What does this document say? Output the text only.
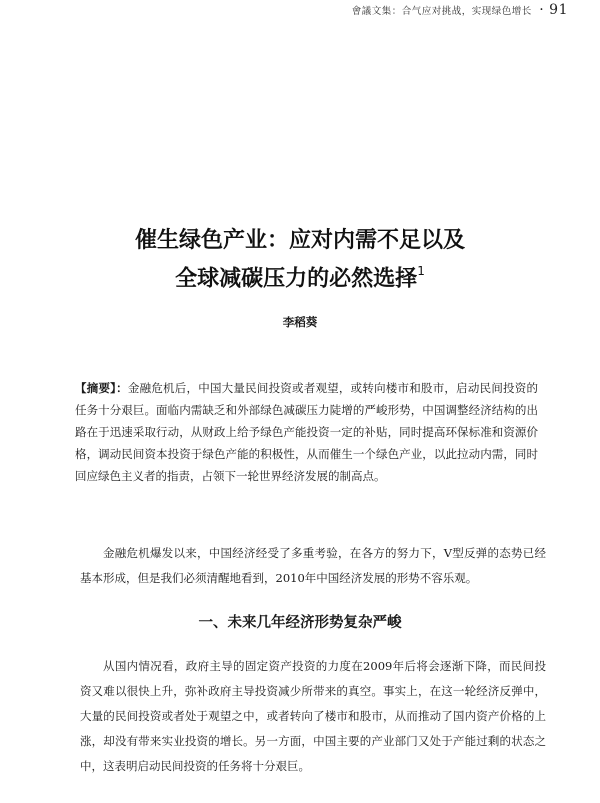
會議文集：合气应对挑战，实现绿色增长 · 91
催生绿色产业：应对内需不足以及
全球减碳压力的必然选择$^1$
李稻葵
【摘要】：金融危机后，中国大量民间投资或者观望，或转向楼市和股市，启动民间投资的任务十分艰巨。面临内需缺乏和外部绿色减碳压力陡增的严峻形势，中国调整经济结构的出路在于迅速采取行动，从财政上给予绿色产能投资一定的补贴，同时提高环保标准和资源价格，调动民间资本投资于绿色产能的积极性，从而催生一个绿色产业，以此拉动内需，同时回应绿色主义者的指责，占领下一轮世界经济发展的制高点。
金融危机爆发以来，中国经济经受了多重考验，在各方的努力下，V型反弹的态势已经基本形成，但是我们必须清醒地看到，2010年中国经济发展的形势不容乐观。
一、未来几年经济形势复杂严峻
从国内情况看，政府主导的固定资产投资的力度在2009年后将会逐渐下降，而民间投资又难以很快上升，弥补政府主导投资减少所带来的真空。事实上，在这一轮经济反弹中，大量的民间投资或者处于观望之中，或者转向了楼市和股市，从而推动了国内资产价格的上涨，却没有带来实业投资的增长。另一方面，中国主要的产业部门又处于产能过剩的状态之中，这表明启动民间投资的任务将十分艰巨。
